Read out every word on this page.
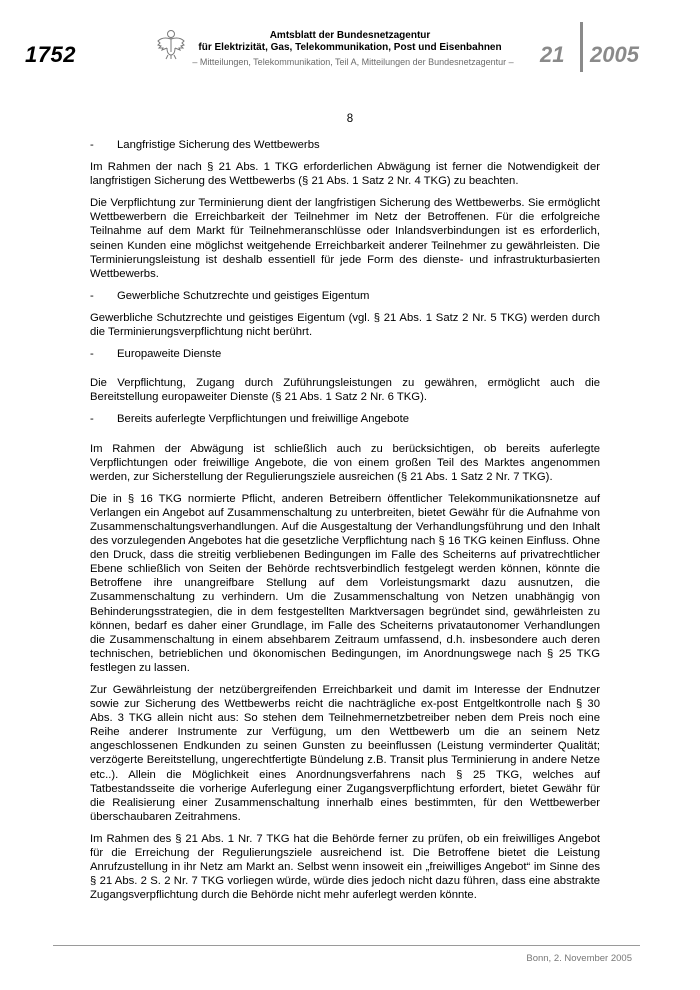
1752
Amtsblatt der Bundesnetzagentur
für Elektrizität, Gas, Telekommunikation, Post und Eisenbahnen
– Mitteilungen, Telekommunikation, Teil A, Mitteilungen der Bundesnetzagentur –	21 2005
8
-	Langfristige Sicherung des Wettbewerbs

Im Rahmen der nach § 21 Abs. 1 TKG erforderlichen Abwägung ist ferner die Notwendigkeit der langfristigen Sicherung des Wettbewerbs (§ 21 Abs. 1 Satz 2 Nr. 4 TKG) zu beachten.

Die Verpflichtung zur Terminierung dient der langfristigen Sicherung des Wettbewerbs. Sie ermöglicht Wettbewerbern die Erreichbarkeit der Teilnehmer im Netz der Betroffenen. Für die erfolgreiche Teilnahme auf dem Markt für Teilnehmeranschlüsse oder Inlandsverbindungen ist es erforderlich, seinen Kunden eine möglichst weitgehende Erreichbarkeit anderer Teilnehmer zu gewährleisten. Die Terminierungsleistung ist deshalb essentiell für jede Form des dienste- und infrastrukturbasierten Wettbewerbs.

-	Gewerbliche Schutzrechte und geistiges Eigentum

Gewerbliche Schutzrechte und geistiges Eigentum (vgl. § 21 Abs. 1 Satz 2 Nr. 5 TKG) werden durch die Terminierungsverpflichtung nicht berührt.

-	Europaweite Dienste

Die Verpflichtung, Zugang durch Zuführungsleistungen zu gewähren, ermöglicht auch die Bereitstellung europaweiter Dienste (§ 21 Abs. 1 Satz 2 Nr. 6 TKG).

-	Bereits auferlegte Verpflichtungen und freiwillige Angebote

Im Rahmen der Abwägung ist schließlich auch zu berücksichtigen, ob bereits auferlegte Verpflichtungen oder freiwillige Angebote, die von einem großen Teil des Marktes angenommen werden, zur Sicherstellung der Regulierungsziele ausreichen (§ 21 Abs. 1 Satz 2 Nr. 7 TKG).

Die in § 16 TKG normierte Pflicht, anderen Betreibern öffentlicher Telekommunikationsnetze auf Verlangen ein Angebot auf Zusammenschaltung zu unterbreiten, bietet Gewähr für die Aufnahme von Zusammenschaltungsverhandlungen. Auf die Ausgestaltung der Verhandlungsführung und den Inhalt des vorzulegenden Angebotes hat die gesetzliche Verpflichtung nach § 16 TKG keinen Einfluss. Ohne den Druck, dass die streitig verbliebenen Bedingungen im Falle des Scheiterns auf privatrechtlicher Ebene schließlich von Seiten der Behörde rechtsverbindlich festgelegt werden können, könnte die Betroffene ihre unangreifbare Stellung auf dem Vorleistungsmarkt dazu ausnutzen, die Zusammenschaltung zu verhindern. Um die Zusammenschaltung von Netzen unabhängig von Behinderungsstrategien, die in dem festgestellten Marktversagen begründet sind, gewährleisten zu können, bedarf es daher einer Grundlage, im Falle des Scheiterns privatautonomer Verhandlungen die Zusammenschaltung in einem absehbarem Zeitraum umfassend, d.h. insbesondere auch deren technischen, betrieblichen und ökonomischen Bedingungen, im Anordnungswege nach § 25 TKG festlegen zu lassen.

Zur Gewährleistung der netzübergreifenden Erreichbarkeit und damit im Interesse der Endnutzer sowie zur Sicherung des Wettbewerbs reicht die nachträgliche ex-post Entgeltkontrolle nach § 30 Abs. 3 TKG allein nicht aus: So stehen dem Teilnehmernetzbetreiber neben dem Preis noch eine Reihe anderer Instrumente zur Verfügung, um den Wettbewerb um die an seinem Netz angeschlossenen Endkunden zu seinen Gunsten zu beeinflussen (Leistung verminderter Qualität; verzögerte Bereitstellung, ungerechtfertigte Bündelung z.B. Transit plus Terminierung in andere Netze etc..). Allein die Möglichkeit eines Anordnungsverfahrens nach § 25 TKG, welches auf Tatbestandsseite die vorherige Auferlegung einer Zugangsverpflichtung erfordert, bietet Gewähr für die Realisierung einer Zusammenschaltung innerhalb eines bestimmten, für den Wettbewerber überschaubaren Zeitrahmens.

Im Rahmen des § 21 Abs. 1 Nr. 7 TKG hat die Behörde ferner zu prüfen, ob ein freiwilliges Angebot für die Erreichung der Regulierungsziele ausreichend ist. Die Betroffene bietet die Leistung Anrufzustellung in ihr Netz am Markt an. Selbst wenn insoweit ein „freiwilliges Angebot“ im Sinne des § 21 Abs. 2 S. 2 Nr. 7 TKG vorliegen würde, würde dies jedoch nicht dazu führen, dass eine abstrakte Zugangsverpflichtung durch die Behörde nicht mehr auferlegt werden könnte.

Bonn, 2. November 2005
